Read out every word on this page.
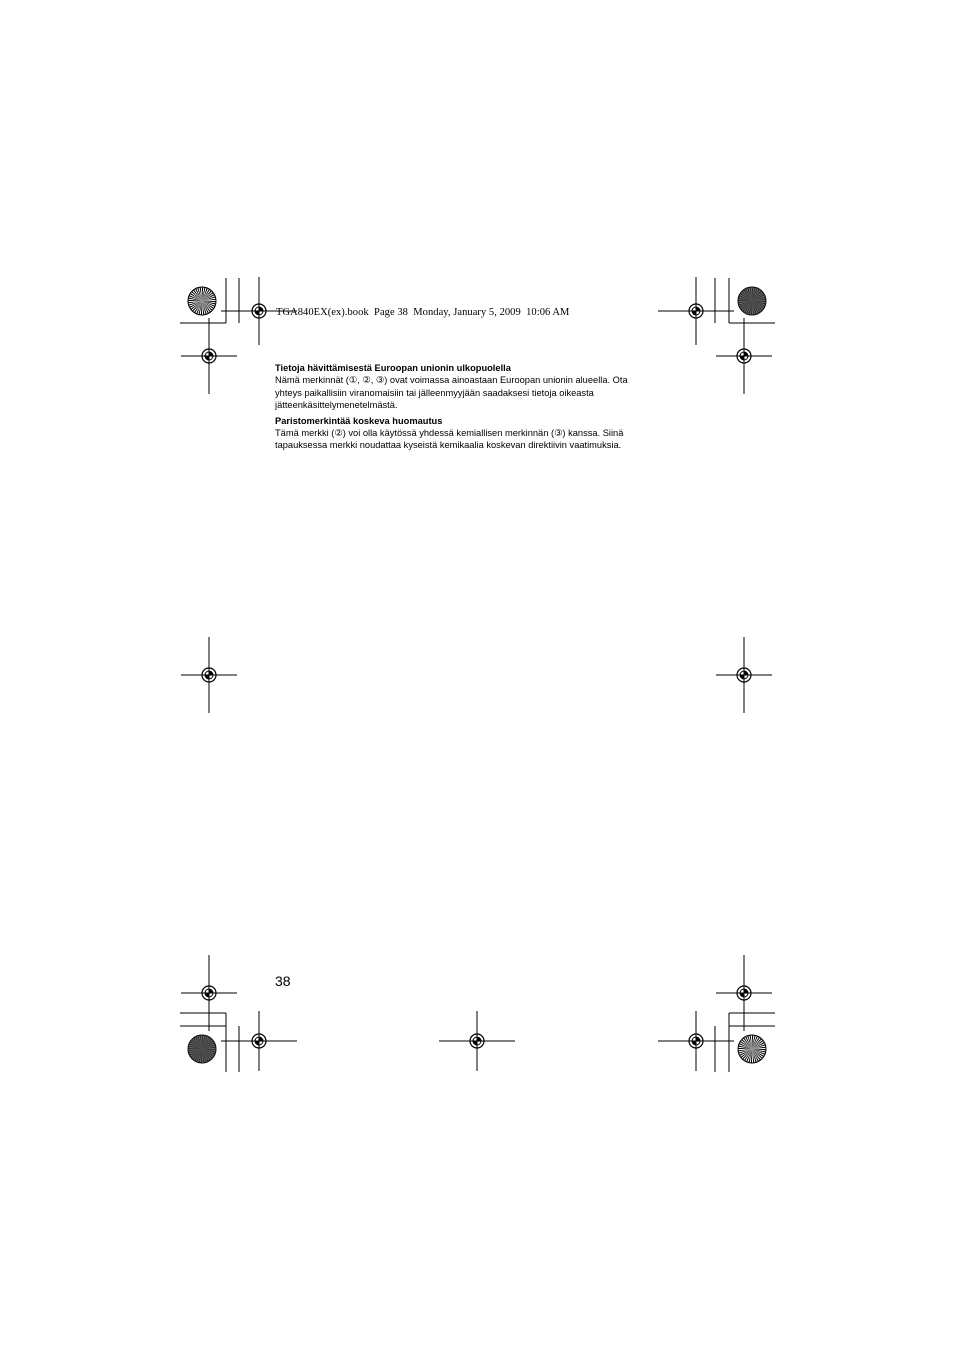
TGA840EX(ex).book  Page 38  Monday, January 5, 2009  10:06 AM

Tietoja hävittämisestä Euroopan unionin ulkopuolella

Nämä merkinnät (①, ②, ③) ovat voimassa ainoastaan Euroopan unionin alueella. Ota

yhteys paikallisiin viranomaisiin tai jälleenmyyjään saadaksesi tietoja oikeasta

jätteenkäsittelymenetelmästä.

Paristomerkintää koskeva huomautus

Tämä merkki (②) voi olla käytössä yhdessä kemiallisen merkinnän (③) kanssa. Siinä

tapauksessa merkki noudattaa kyseistä kemikaalia koskevan direktiivin vaatimuksia.

38
